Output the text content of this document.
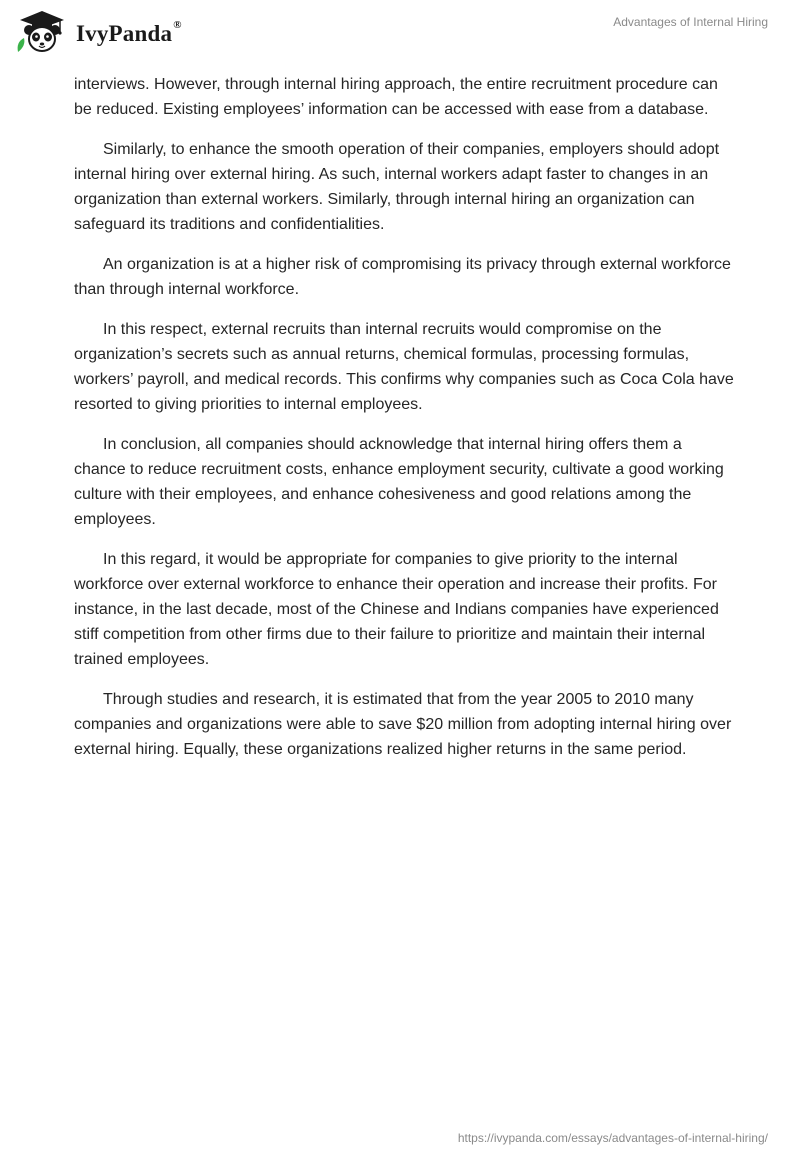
IvyPanda®	Advantages of Internal Hiring

interviews. However, through internal hiring approach, the entire recruitment procedure can be reduced. Existing employees’ information can be accessed with ease from a database.

Similarly, to enhance the smooth operation of their companies, employers should adopt internal hiring over external hiring. As such, internal workers adapt faster to changes in an organization than external workers. Similarly, through internal hiring an organization can safeguard its traditions and confidentialities.

An organization is at a higher risk of compromising its privacy through external workforce than through internal workforce.

In this respect, external recruits than internal recruits would compromise on the organization’s secrets such as annual returns, chemical formulas, processing formulas, workers’ payroll, and medical records. This confirms why companies such as Coca Cola have resorted to giving priorities to internal employees.

In conclusion, all companies should acknowledge that internal hiring offers them a chance to reduce recruitment costs, enhance employment security, cultivate a good working culture with their employees, and enhance cohesiveness and good relations among the employees.

In this regard, it would be appropriate for companies to give priority to the internal workforce over external workforce to enhance their operation and increase their profits. For instance, in the last decade, most of the Chinese and Indians companies have experienced stiff competition from other firms due to their failure to prioritize and maintain their internal trained employees.

Through studies and research, it is estimated that from the year 2005 to 2010 many companies and organizations were able to save $20 million from adopting internal hiring over external hiring. Equally, these organizations realized higher returns in the same period.

https://ivypanda.com/essays/advantages-of-internal-hiring/
